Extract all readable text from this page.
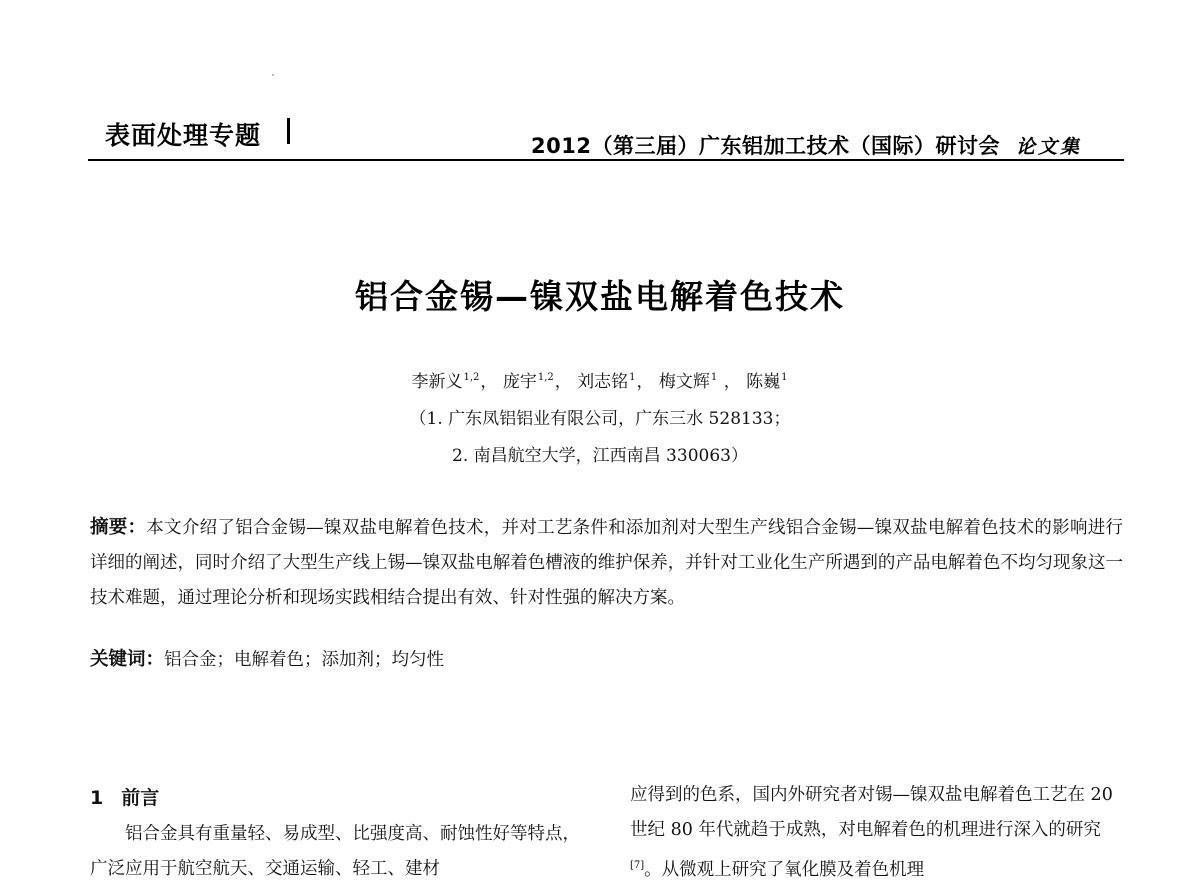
表面处理专题	2012（第三届）广东铝加工技术（国际）研讨会 论文集
铝合金锡—镍双盐电解着色技术
李新义$^{1,2}$， 庞宇$^{1,2}$， 刘志铭$^1$， 梅文辉$^1$ ， 陈巍$^1$
（1. 广东凤铝铝业有限公司，广东三水 528133；
2. 南昌航空大学，江西南昌 330063）
摘要：本文介绍了铝合金锡—镍双盐电解着色技术，并对工艺条件和添加剂对大型生产线铝合金锡—镍双盐电解着色技术的影响进行详细的阐述，同时介绍了大型生产线上锡—镍双盐电解着色槽液的维护保养，并针对工业化生产所遇到的产品电解着色不均匀现象这一技术难题，通过理论分析和现场实践相结合提出有效、针对性强的解决方案。
关键词：铝合金；电解着色；添加剂；均匀性
1 前言
铝合金具有重量轻、易成型、比强度高、耐蚀性好等特点，广泛应用于航空航天、交通运输、轻工、建材
应得到的色系，国内外研究者对锡—镍双盐电解着色工艺在 20 世纪 80 年代就趋于成熟，对电解着色的机理进行深入的研究 [7]。从微观上研究了氧化膜及着色机理
